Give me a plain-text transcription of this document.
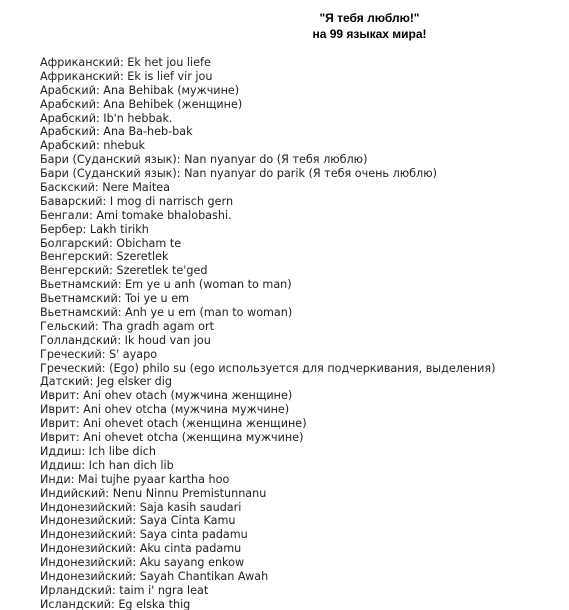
"Я тебя люблю!"
на 99 языках мира!
Африканский: Ek het jou liefe
Африканский: Ek is lief vir jou
Арабский: Ana Behibak (мужчине)
Арабский: Ana Behibek (женщине)
Арабский: Ib'n hebbak.
Арабский: Ana Ba-heb-bak
Арабский: nhebuk
Бари (Суданский язык): Nan nyanyar do (Я тебя люблю)
Бари (Суданский язык): Nan nyanyar do parik (Я тебя очень люблю)
Баскский: Nere Maitea
Баварский: I mog di narrisch gern
Бенгали: Ami tomake bhalobashi.
Бербер: Lakh tirikh
Болгарский: Obicham te
Венгерский: Szeretlek
Венгерский: Szeretlek te'ged
Вьетнамский: Em ye u anh (woman to man)
Вьетнамский: Toi ye u em
Вьетнамский: Anh ye u em (man to woman)
Гельский: Tha gradh agam ort
Голландский: Ik houd van jou
Греческий: S' ayapo
Греческий: (Ego) philo su (ego используется для подчеркивания, выделения)
Датский: Jeg elsker dig
Иврит: Ani ohev otach (мужчина женщине)
Иврит: Ani ohev otcha (мужчина мужчине)
Иврит: Ani ohevet otach (женщина женщине)
Иврит: Ani ohevet otcha (женщина мужчине)
Иддиш: Ich libe dich
Иддиш: Ich han dich lib
Инди: Mai tujhe pyaar kartha hoo
Индийский: Nenu Ninnu Premistunnanu
Индонезийский: Saja kasih saudari
Индонезийский: Saya Cinta Kamu
Индонезийский: Saya cinta padamu
Индонезийский: Aku cinta padamu
Индонезийский: Aku sayang enkow
Индонезийский: Sayah Chantikan Awah
Ирландский: taim i' ngra leat
Исландский: Eg elska thig
